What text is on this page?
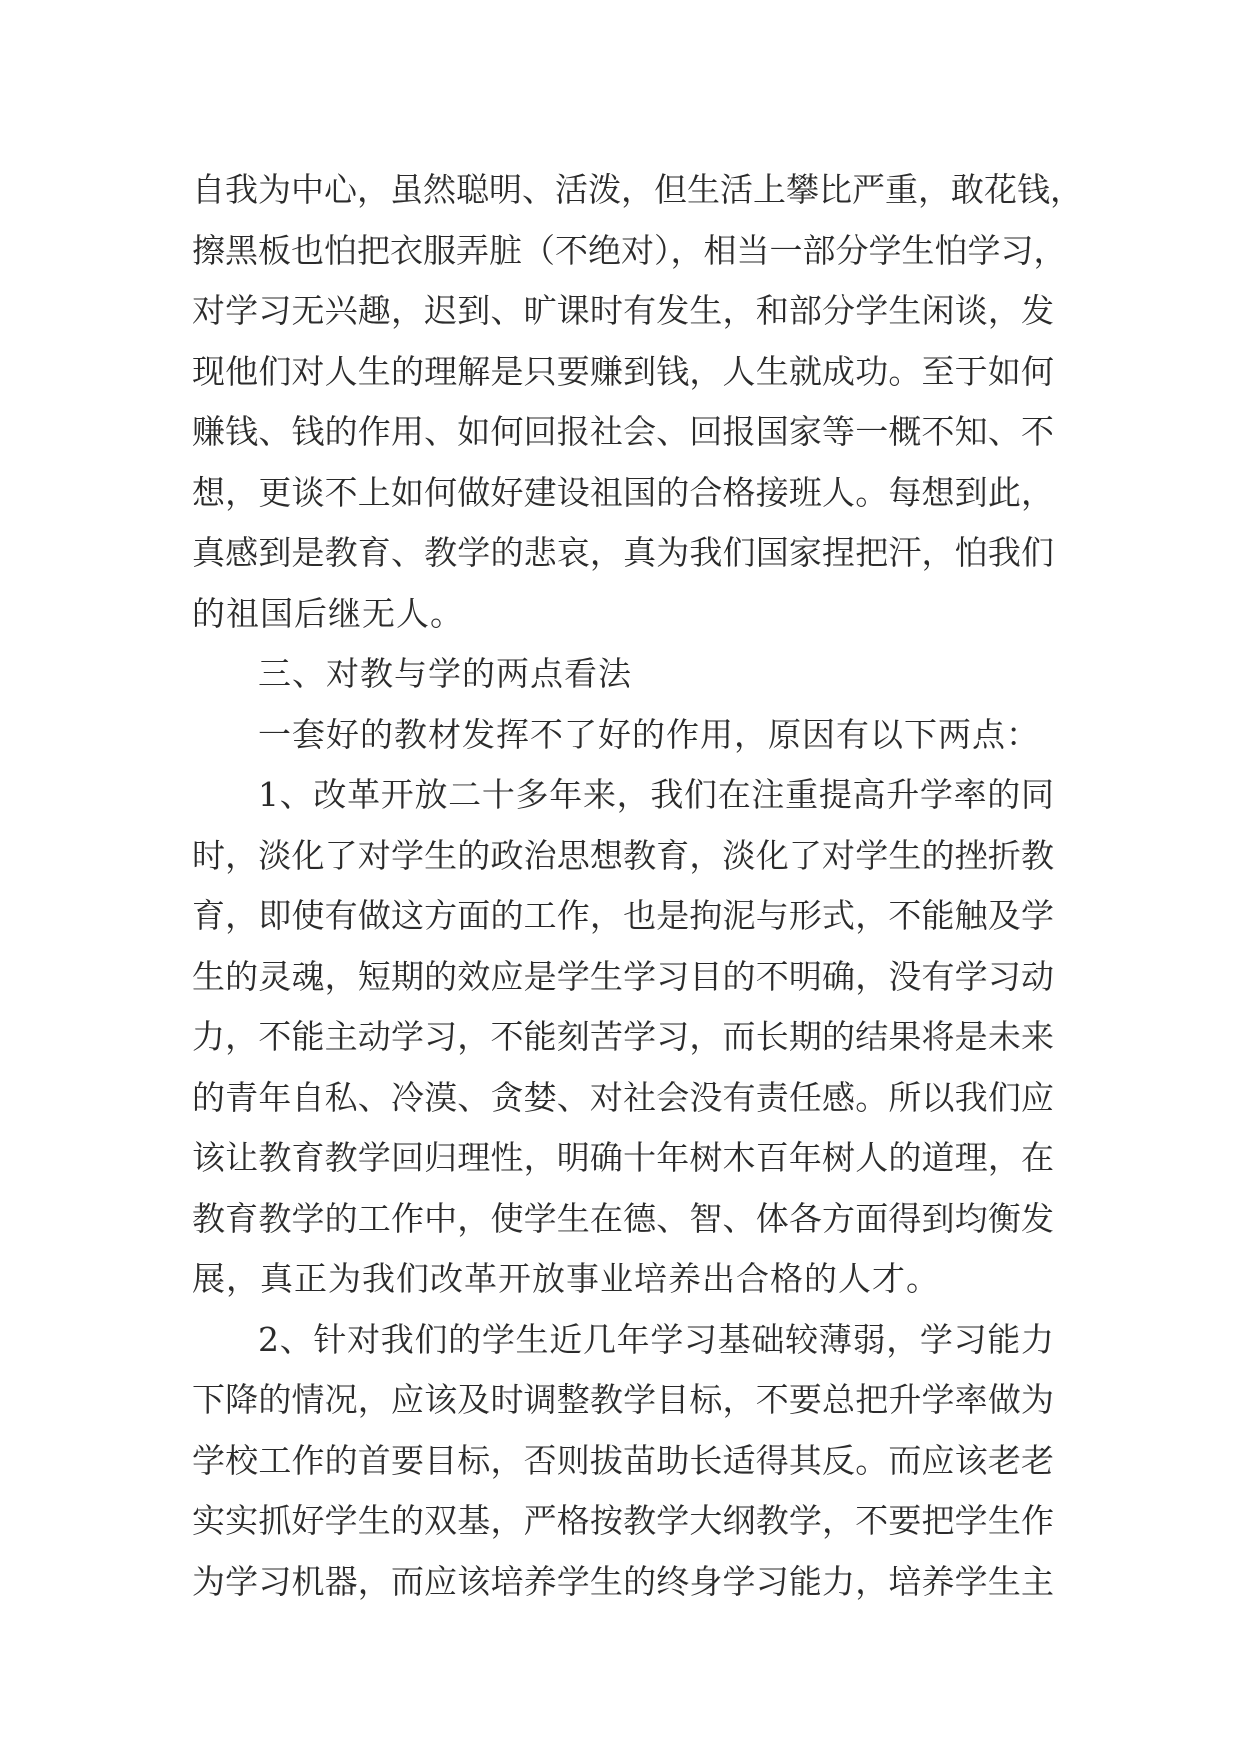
自我为中心，虽然聪明、活泼，但生活上攀比严重，敢花钱，
擦黑板也怕把衣服弄脏（不绝对），相当一部分学生怕学习，
对学习无兴趣，迟到、旷课时有发生，和部分学生闲谈，发
现他们对人生的理解是只要赚到钱，人生就成功。至于如何
赚钱、钱的作用、如何回报社会、回报国家等一概不知、不
想，更谈不上如何做好建设祖国的合格接班人。每想到此，
真感到是教育、教学的悲哀，真为我们国家捏把汗，怕我们
的祖国后继无人。
三、对教与学的两点看法
一套好的教材发挥不了好的作用，原因有以下两点：
1、改革开放二十多年来，我们在注重提高升学率的同
时，淡化了对学生的政治思想教育，淡化了对学生的挫折教
育，即使有做这方面的工作，也是拘泥与形式，不能触及学
生的灵魂，短期的效应是学生学习目的不明确，没有学习动
力，不能主动学习，不能刻苦学习，而长期的结果将是未来
的青年自私、冷漠、贪婪、对社会没有责任感。所以我们应
该让教育教学回归理性，明确十年树木百年树人的道理，在
教育教学的工作中，使学生在德、智、体各方面得到均衡发
展，真正为我们改革开放事业培养出合格的人才。
2、针对我们的学生近几年学习基础较薄弱，学习能力
下降的情况，应该及时调整教学目标，不要总把升学率做为
学校工作的首要目标，否则拔苗助长适得其反。而应该老老
实实抓好学生的双基，严格按教学大纲教学，不要把学生作
为学习机器，而应该培养学生的终身学习能力，培养学生主
